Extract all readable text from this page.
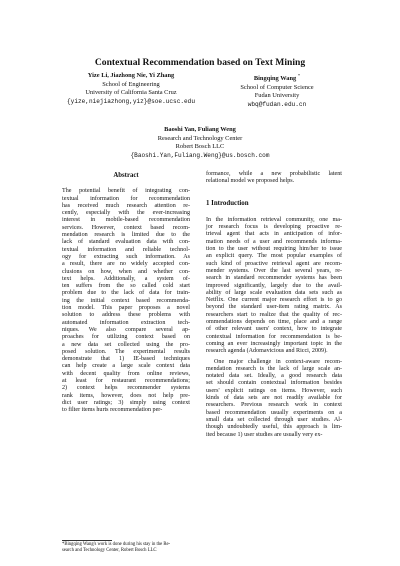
Contextual Recommendation based on Text Mining
Yize Li, Jiazhong Nie, Yi Zhang
School of Engineering
University of California Santa Cruz
{yize,niejiazhong,yiz}@soe.ucsc.edu
Bingqing Wang *
School of Computer Science
Fudan University
wbq@fudan.edu.cn
Baoshi Yan, Fuliang Weng
Research and Technology Center
Robert Bosch LLC
{Baoshi.Yan,Fuliang.Weng}@us.bosch.com

Abstract

The potential benefit of integrating con-
textual information for recommendation
has received much research attention re-
cently, especially with the ever-increasing
interest in mobile-based recommendation
services. However, context based recom-
mendation research is limited due to the
lack of standard evaluation data with con-
textual information and reliable technol-
ogy for extracting such information. As
a result, there are no widely accepted con-
clusions on how, when and whether con-
text helps. Additionally, a system of-
ten suffers from the so called cold start
problem due to the lack of data for train-
ing the initial context based recommenda-
tion model. This paper proposes a novel
solution to address these problems with
automated information extraction tech-
niques. We also compare several ap-
proaches for utilizing context based on
a new data set collected using the pro-
posed solution. The experimental results
demonstrate that 1) IE-based techniques
can help create a large scale context data
with decent quality from online reviews,
at least for restaurant recommendations;
2) context helps recommender systems
rank items, however, does not help pre-
dict user ratings; 3) simply using context
to filter items hurts recommendation per-
formance, while a new probabilistic latent
relational model we proposed helps.

1 Introduction

In the information retrieval community, one ma-
jor research focus is developing proactive re-
trieval agent that acts in anticipation of infor-
mation needs of a user and recommends informa-
tion to the user without requiring him/her to issue
an explicit query. The most popular examples of
such kind of proactive retrieval agent are recom-
mender systems. Over the last several years, re-
search in standard recommender systems has been
improved significantly, largely due to the avail-
ability of large scale evaluation data sets such as
Netflix. One current major research effort is to go
beyond the standard user-item rating matrix. As
researchers start to realize that the quality of rec-
ommendations depends on time, place and a range
of other relevant users' context, how to integrate
contextual information for recommendation is be-
coming an ever increasingly important topic in the
research agenda (Adomavicious and Ricci, 2009).
One major challenge in context-aware recom-
mendation research is the lack of large scale an-
notated data set. Ideally, a good research data
set should contain contextual information besides
users' explicit ratings on items. However, such
kinds of data sets are not readily available for
researchers. Previous research work in context
based recommendation usually experiments on a
small data set collected through user studies. Al-
though undoubtedly useful, this approach is lim-
ited because 1) user studies are usually very ex-
*Bingqing Wang's work is done during his stay in the Re-
search and Technology Center, Robert Bosch LLC
